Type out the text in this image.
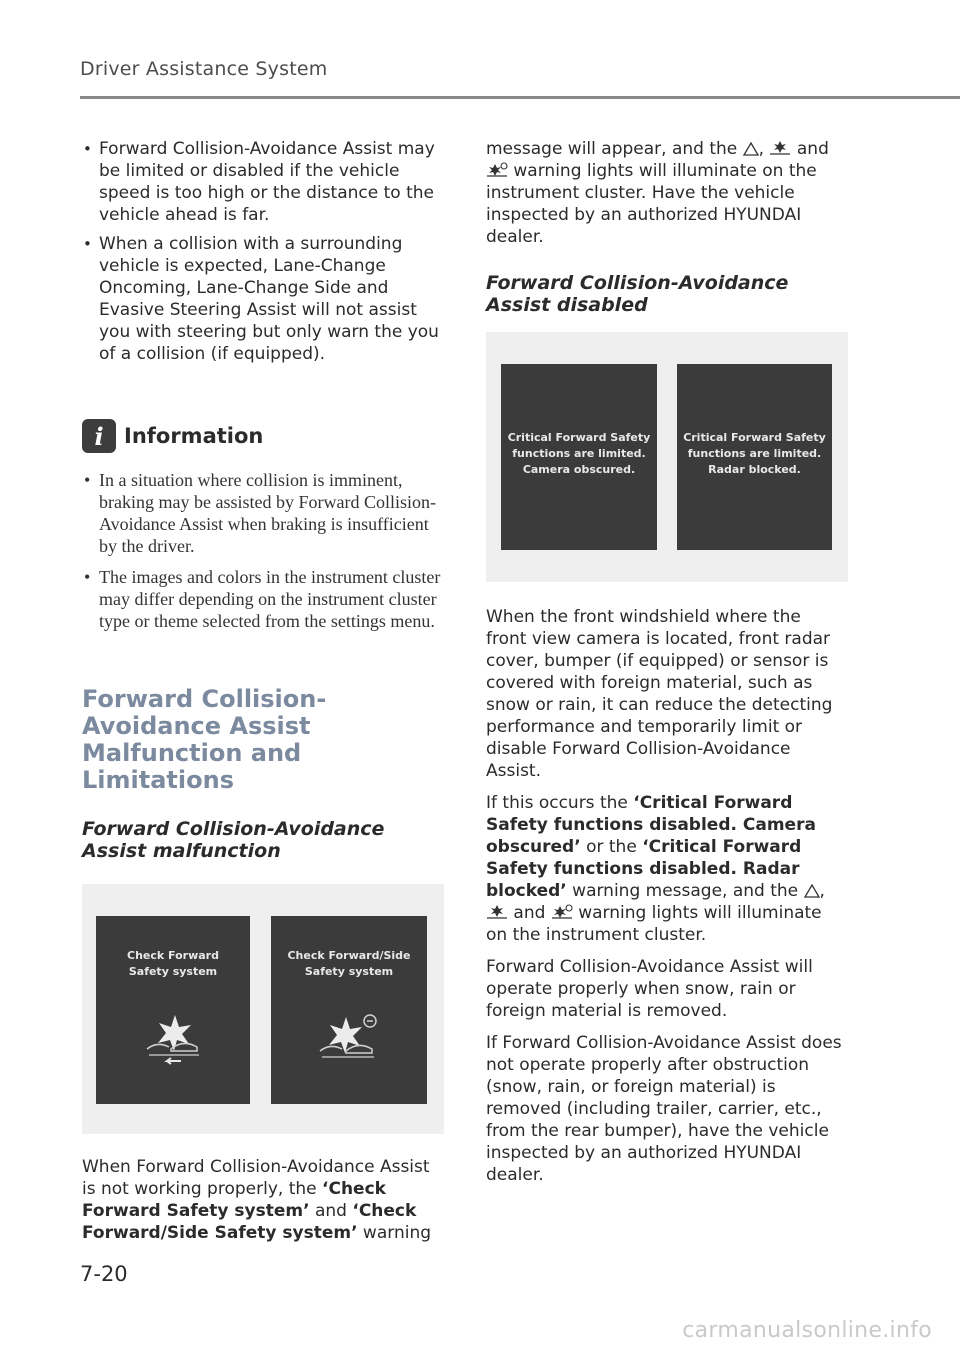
Driver Assistance System
• Forward Collision-Avoidance Assist may be limited or disabled if the vehicle speed is too high or the distance to the vehicle ahead is far.
• When a collision with a surrounding vehicle is expected, Lane-Change Oncoming, Lane-Change Side and Evasive Steering Assist will not assist you with steering but only warn the you of a collision (if equipped).
i Information
• In a situation where collision is imminent, braking may be assisted by Forward Collision-Avoidance Assist when braking is insufficient by the driver.
• The images and colors in the instrument cluster may differ depending on the instrument cluster type or theme selected from the settings menu.
Forward Collision-Avoidance Assist Malfunction and Limitations
Forward Collision-Avoidance Assist malfunction
Check Forward
Safety system
Check Forward/Side
Safety system

When Forward Collision-Avoidance Assist is not working properly, the ‘Check Forward Safety system’ and ‘Check Forward/Side Safety system’ warning

message will appear, and the ,  and  warning lights will illuminate on the instrument cluster. Have the vehicle inspected by an authorized HYUNDAI dealer.

Forward Collision-Avoidance Assist disabled
Critical Forward Safety
functions are limited.
Camera obscured.
Critical Forward Safety
functions are limited.
Radar blocked.

When the front windshield where the front view camera is located, front radar cover, bumper (if equipped) or sensor is covered with foreign material, such as snow or rain, it can reduce the detecting performance and temporarily limit or disable Forward Collision-Avoidance Assist.

If this occurs the ‘Critical Forward Safety functions disabled. Camera obscured’ or the ‘Critical Forward Safety functions disabled. Radar blocked’ warning message, and the ,  and  warning lights will illuminate on the instrument cluster.

Forward Collision-Avoidance Assist will operate properly when snow, rain or foreign material is removed.

If Forward Collision-Avoidance Assist does not operate properly after obstruction (snow, rain, or foreign material) is removed (including trailer, carrier, etc., from the rear bumper), have the vehicle inspected by an authorized HYUNDAI dealer.

7-20
carmanualsonline.info
